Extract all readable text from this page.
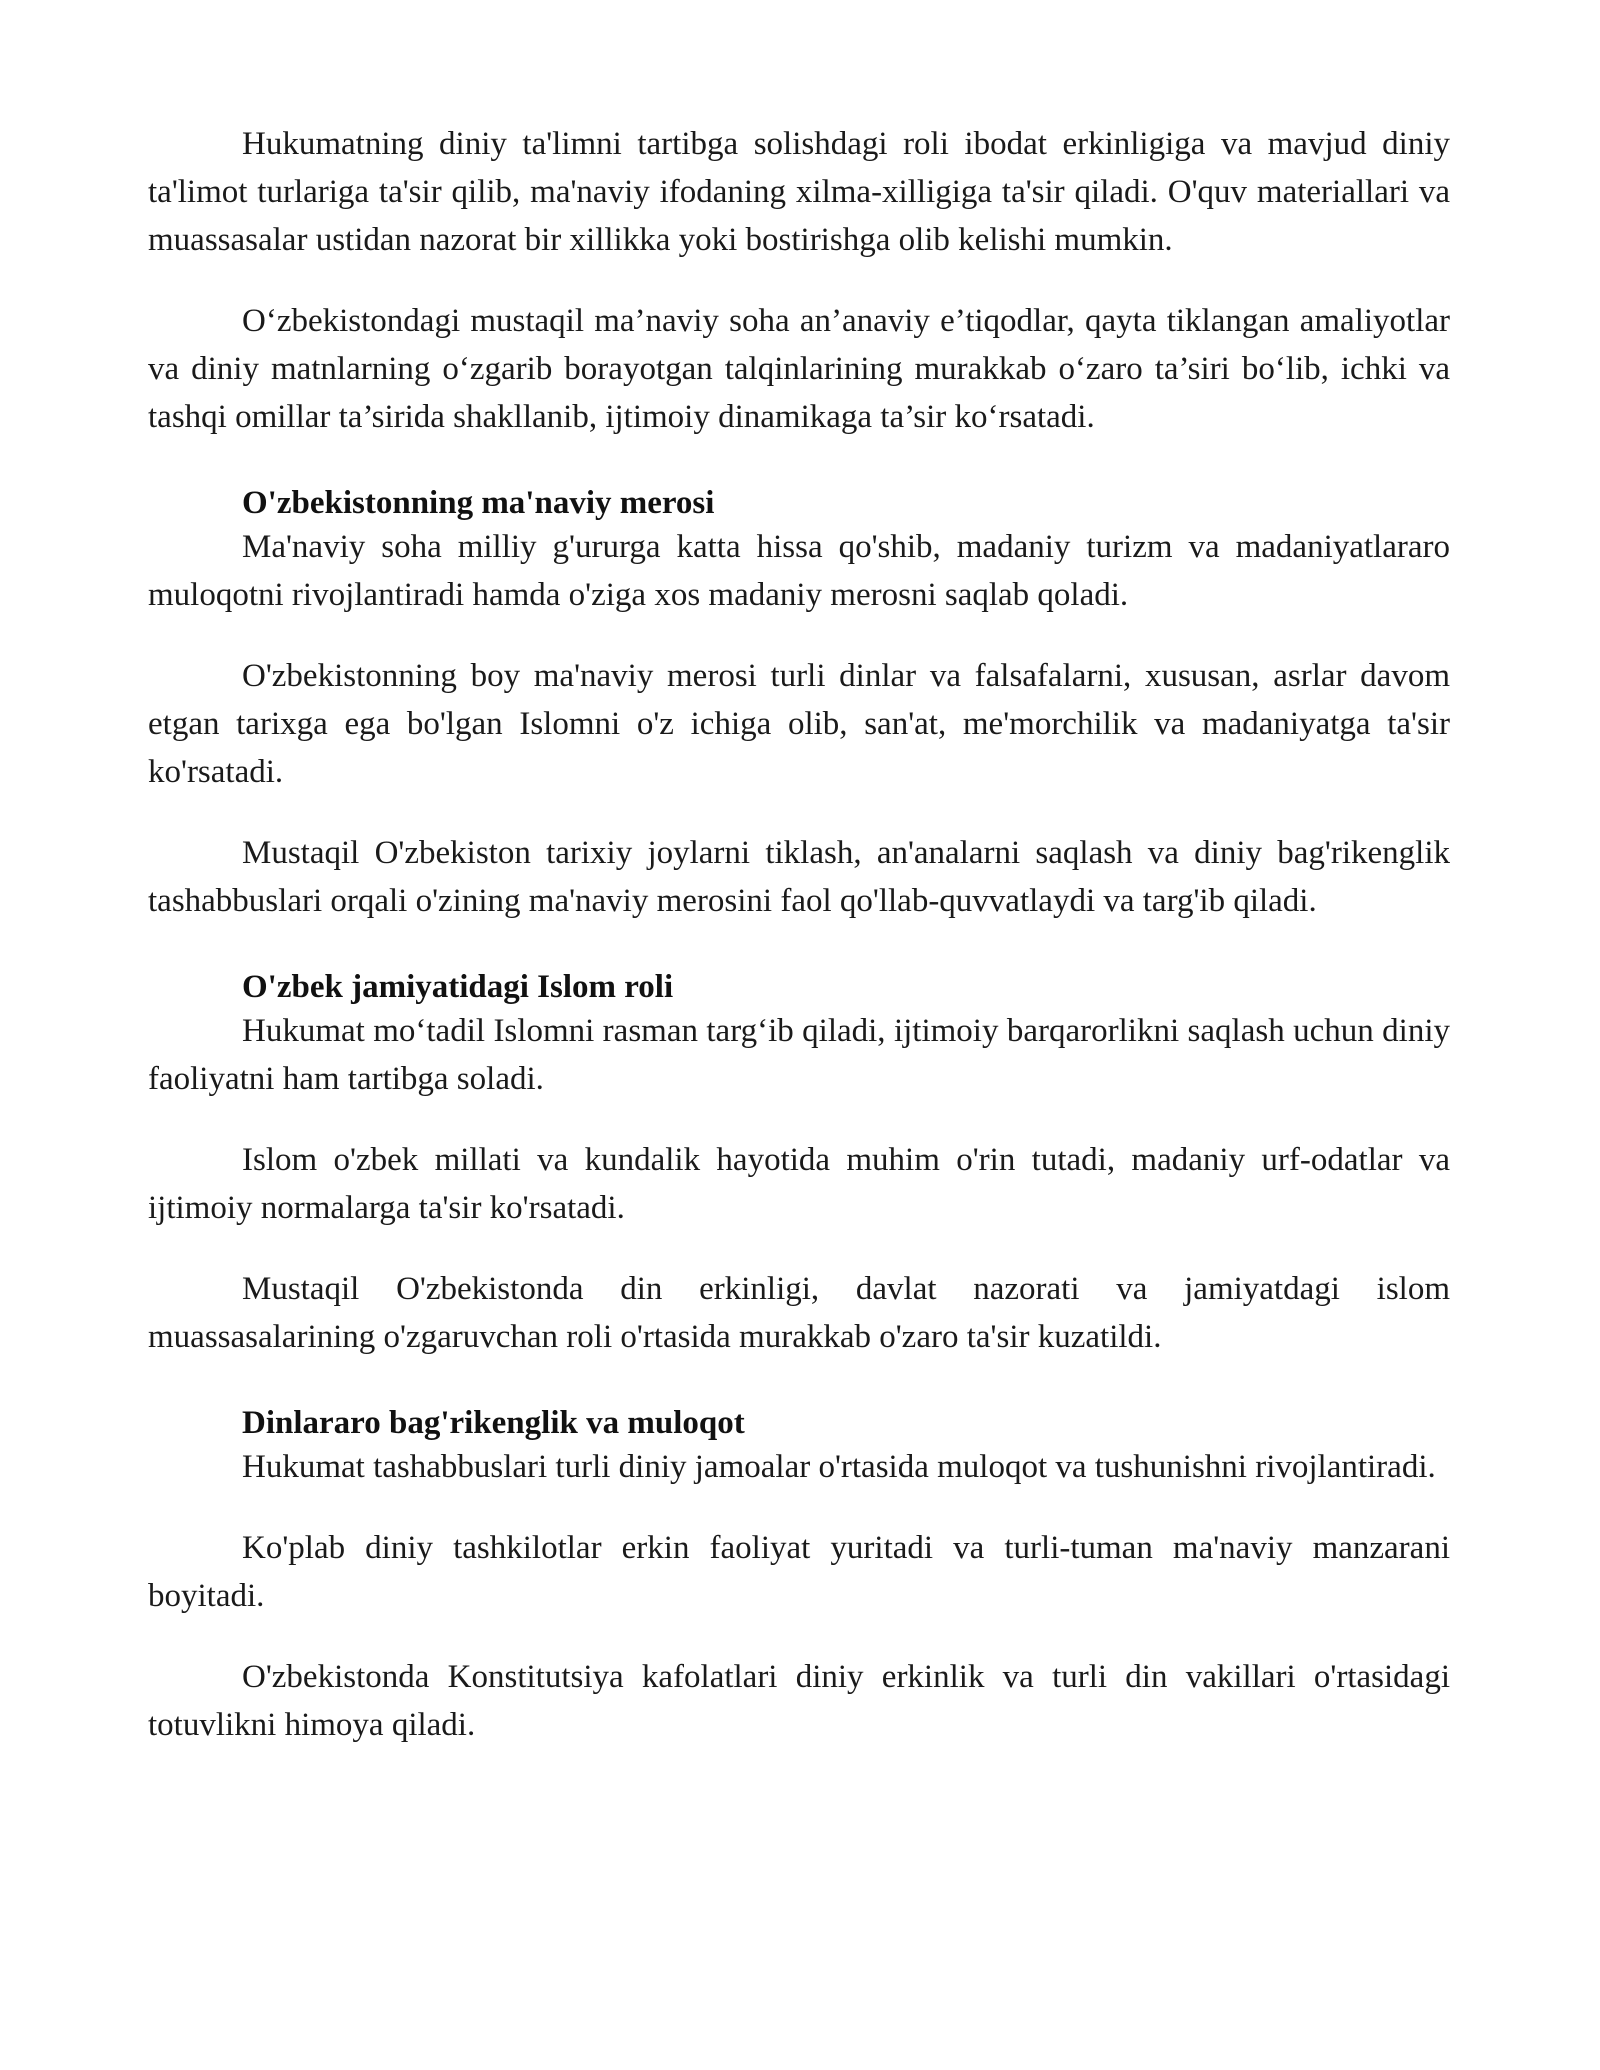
Hukumatning diniy ta'limni tartibga solishdagi roli ibodat erkinligiga va mavjud diniy ta'limot turlariga ta'sir qilib, ma'naviy ifodaning xilma-xilligiga ta'sir qiladi. O'quv materiallari va muassasalar ustidan nazorat bir xillikka yoki bostirishga olib kelishi mumkin.

O‘zbekistondagi mustaqil ma’naviy soha an’anaviy e’tiqodlar, qayta tiklangan amaliyotlar va diniy matnlarning o‘zgarib borayotgan talqinlarining murakkab o‘zaro ta’siri bo‘lib, ichki va tashqi omillar ta’sirida shakllanib, ijtimoiy dinamikaga ta’sir ko‘rsatadi.

O'zbekistonning ma'naviy merosi

Ma'naviy soha milliy g'ururga katta hissa qo'shib, madaniy turizm va madaniyatlararo muloqotni rivojlantiradi hamda o'ziga xos madaniy merosni saqlab qoladi.

O'zbekistonning boy ma'naviy merosi turli dinlar va falsafalarni, xususan, asrlar davom etgan tarixga ega bo'lgan Islomni o'z ichiga olib, san'at, me'morchilik va madaniyatga ta'sir ko'rsatadi.

Mustaqil O'zbekiston tarixiy joylarni tiklash, an'analarni saqlash va diniy bag'rikenglik tashabbuslari orqali o'zining ma'naviy merosini faol qo'llab-quvvatlaydi va targ'ib qiladi.

O'zbek jamiyatidagi Islom roli

Hukumat mo‘tadil Islomni rasman targ‘ib qiladi, ijtimoiy barqarorlikni saqlash uchun diniy faoliyatni ham tartibga soladi.

Islom o'zbek millati va kundalik hayotida muhim o'rin tutadi, madaniy urf-odatlar va ijtimoiy normalarga ta'sir ko'rsatadi.

Mustaqil O'zbekistonda din erkinligi, davlat nazorati va jamiyatdagi islom muassasalarining o'zgaruvchan roli o'rtasida murakkab o'zaro ta'sir kuzatildi.

Dinlararo bag'rikenglik va muloqot

Hukumat tashabbuslari turli diniy jamoalar o'rtasida muloqot va tushunishni rivojlantiradi.

Ko'plab diniy tashkilotlar erkin faoliyat yuritadi va turli-tuman ma'naviy manzarani boyitadi.

O'zbekistonda Konstitutsiya kafolatlari diniy erkinlik va turli din vakillari o'rtasidagi totuvlikni himoya qiladi.
